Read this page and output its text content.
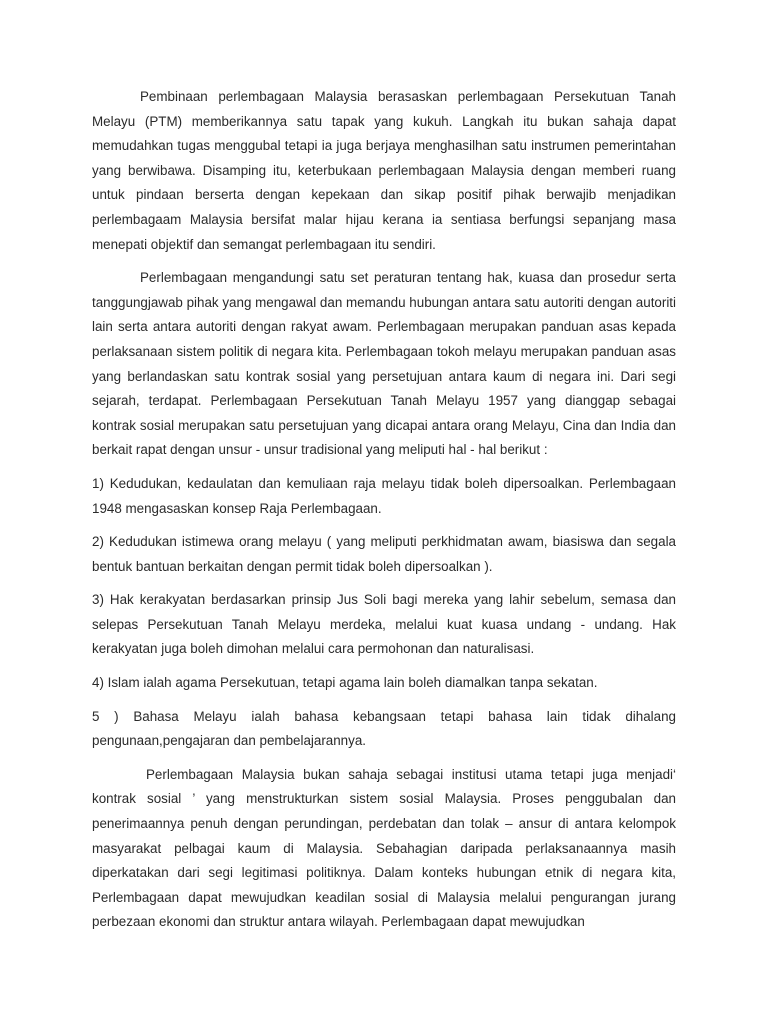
Pembinaan perlembagaan Malaysia berasaskan perlembagaan Persekutuan Tanah Melayu (PTM) memberikannya satu tapak yang kukuh. Langkah itu bukan sahaja dapat memudahkan tugas menggubal tetapi ia juga berjaya menghasilhan satu instrumen pemerintahan yang berwibawa. Disamping itu, keterbukaan perlembagaan Malaysia dengan memberi ruang untuk pindaan berserta dengan kepekaan dan sikap positif pihak berwajib menjadikan perlembagaam Malaysia bersifat malar hijau kerana ia sentiasa berfungsi sepanjang masa menepati objektif dan semangat perlembagaan itu sendiri.

Perlembagaan mengandungi satu set peraturan tentang hak, kuasa dan prosedur serta tanggungjawab pihak yang mengawal dan memandu hubungan antara satu autoriti dengan autoriti lain serta antara autoriti dengan rakyat awam. Perlembagaan merupakan panduan asas kepada perlaksanaan sistem politik di negara kita. Perlembagaan tokoh melayu merupakan panduan asas yang berlandaskan satu kontrak sosial yang persetujuan antara kaum di negara ini. Dari segi sejarah, terdapat. Perlembagaan Persekutuan Tanah Melayu 1957 yang dianggap sebagai kontrak sosial merupakan satu persetujuan yang dicapai antara orang Melayu, Cina dan India dan berkait rapat dengan unsur - unsur tradisional yang meliputi hal - hal berikut :

1) Kedudukan, kedaulatan dan kemuliaan raja melayu tidak boleh dipersoalkan. Perlembagaan 1948 mengasaskan konsep Raja Perlembagaan.

2) Kedudukan istimewa orang melayu ( yang meliputi perkhidmatan awam, biasiswa dan segala bentuk bantuan berkaitan dengan permit tidak boleh dipersoalkan ).

3) Hak kerakyatan berdasarkan prinsip Jus Soli bagi mereka yang lahir sebelum, semasa dan selepas Persekutuan Tanah Melayu merdeka, melalui kuat kuasa undang - undang. Hak kerakyatan juga boleh dimohan melalui cara permohonan dan naturalisasi.

4) Islam ialah agama Persekutuan, tetapi agama lain boleh diamalkan tanpa sekatan.

5 ) Bahasa Melayu ialah bahasa kebangsaan tetapi bahasa lain tidak dihalang pengunaan,pengajaran dan pembelajarannya.

Perlembagaan Malaysia bukan sahaja sebagai institusi utama tetapi juga menjadi‘ kontrak sosial ’ yang menstrukturkan sistem sosial Malaysia. Proses penggubalan dan penerimaannya penuh dengan perundingan, perdebatan dan tolak – ansur di antara kelompok masyarakat pelbagai kaum di Malaysia. Sebahagian daripada perlaksanaannya masih diperkatakan dari segi legitimasi politiknya. Dalam konteks hubungan etnik di negara kita, Perlembagaan dapat mewujudkan keadilan sosial di Malaysia melalui pengurangan jurang perbezaan ekonomi dan struktur antara wilayah. Perlembagaan dapat mewujudkan
